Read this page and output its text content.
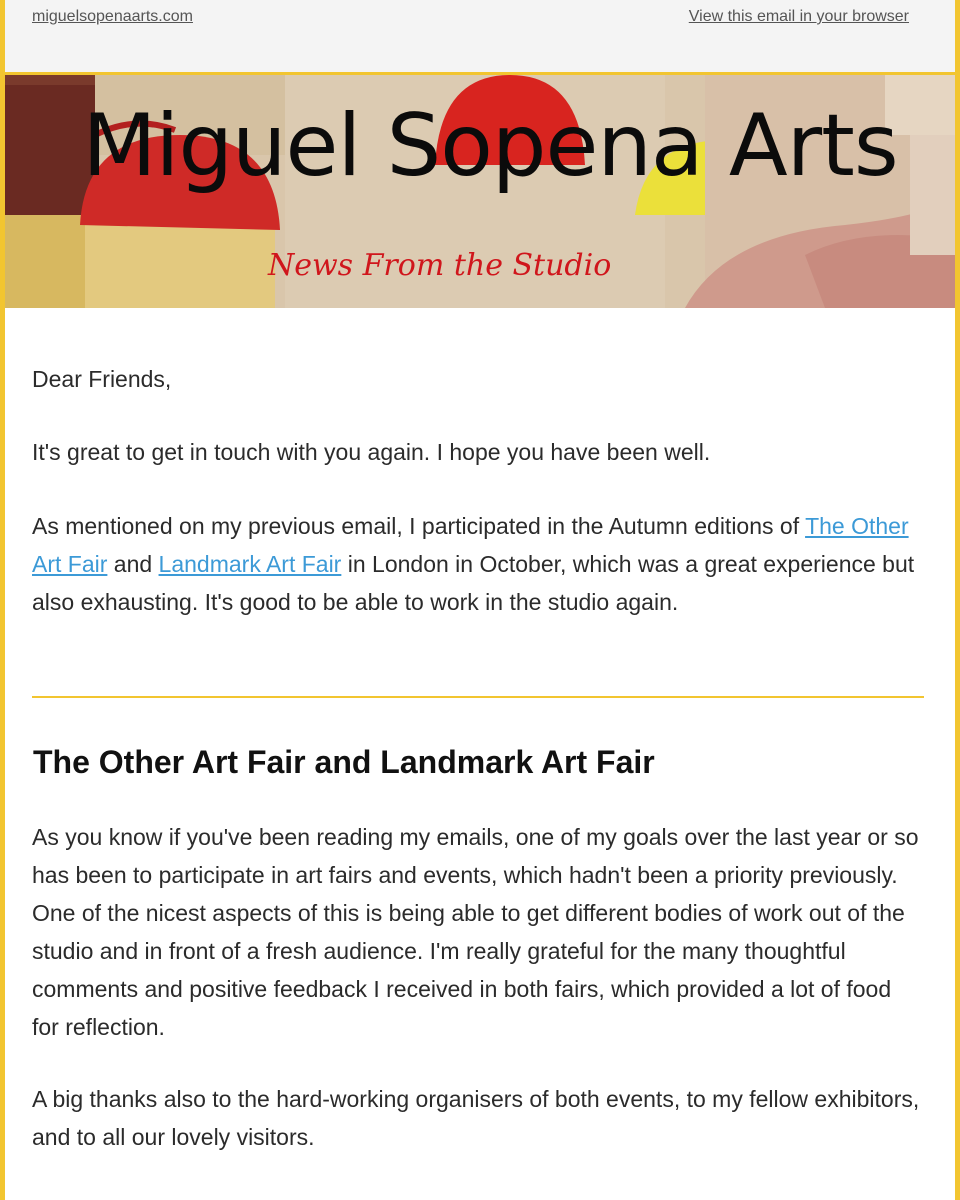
miguelsopenaarts.com	View this email in your browser
Miguel Sopena Arts
News From the Studio

Dear Friends,

It's great to get in touch with you again. I hope you have been well.

As mentioned on my previous email, I participated in the Autumn editions of The Other Art Fair and Landmark Art Fair in London in October, which was a great experience but also exhausting. It's good to be able to work in the studio again.

The Other Art Fair and Landmark Art Fair

As you know if you've been reading my emails, one of my goals over the last year or so has been to participate in art fairs and events, which hadn't been a priority previously. One of the nicest aspects of this is being able to get different bodies of work out of the studio and in front of a fresh audience. I'm really grateful for the many thoughtful comments and positive feedback I received in both fairs, which provided a lot of food for reflection.

A big thanks also to the hard-working organisers of both events, to my fellow exhibitors, and to all our lovely visitors.
